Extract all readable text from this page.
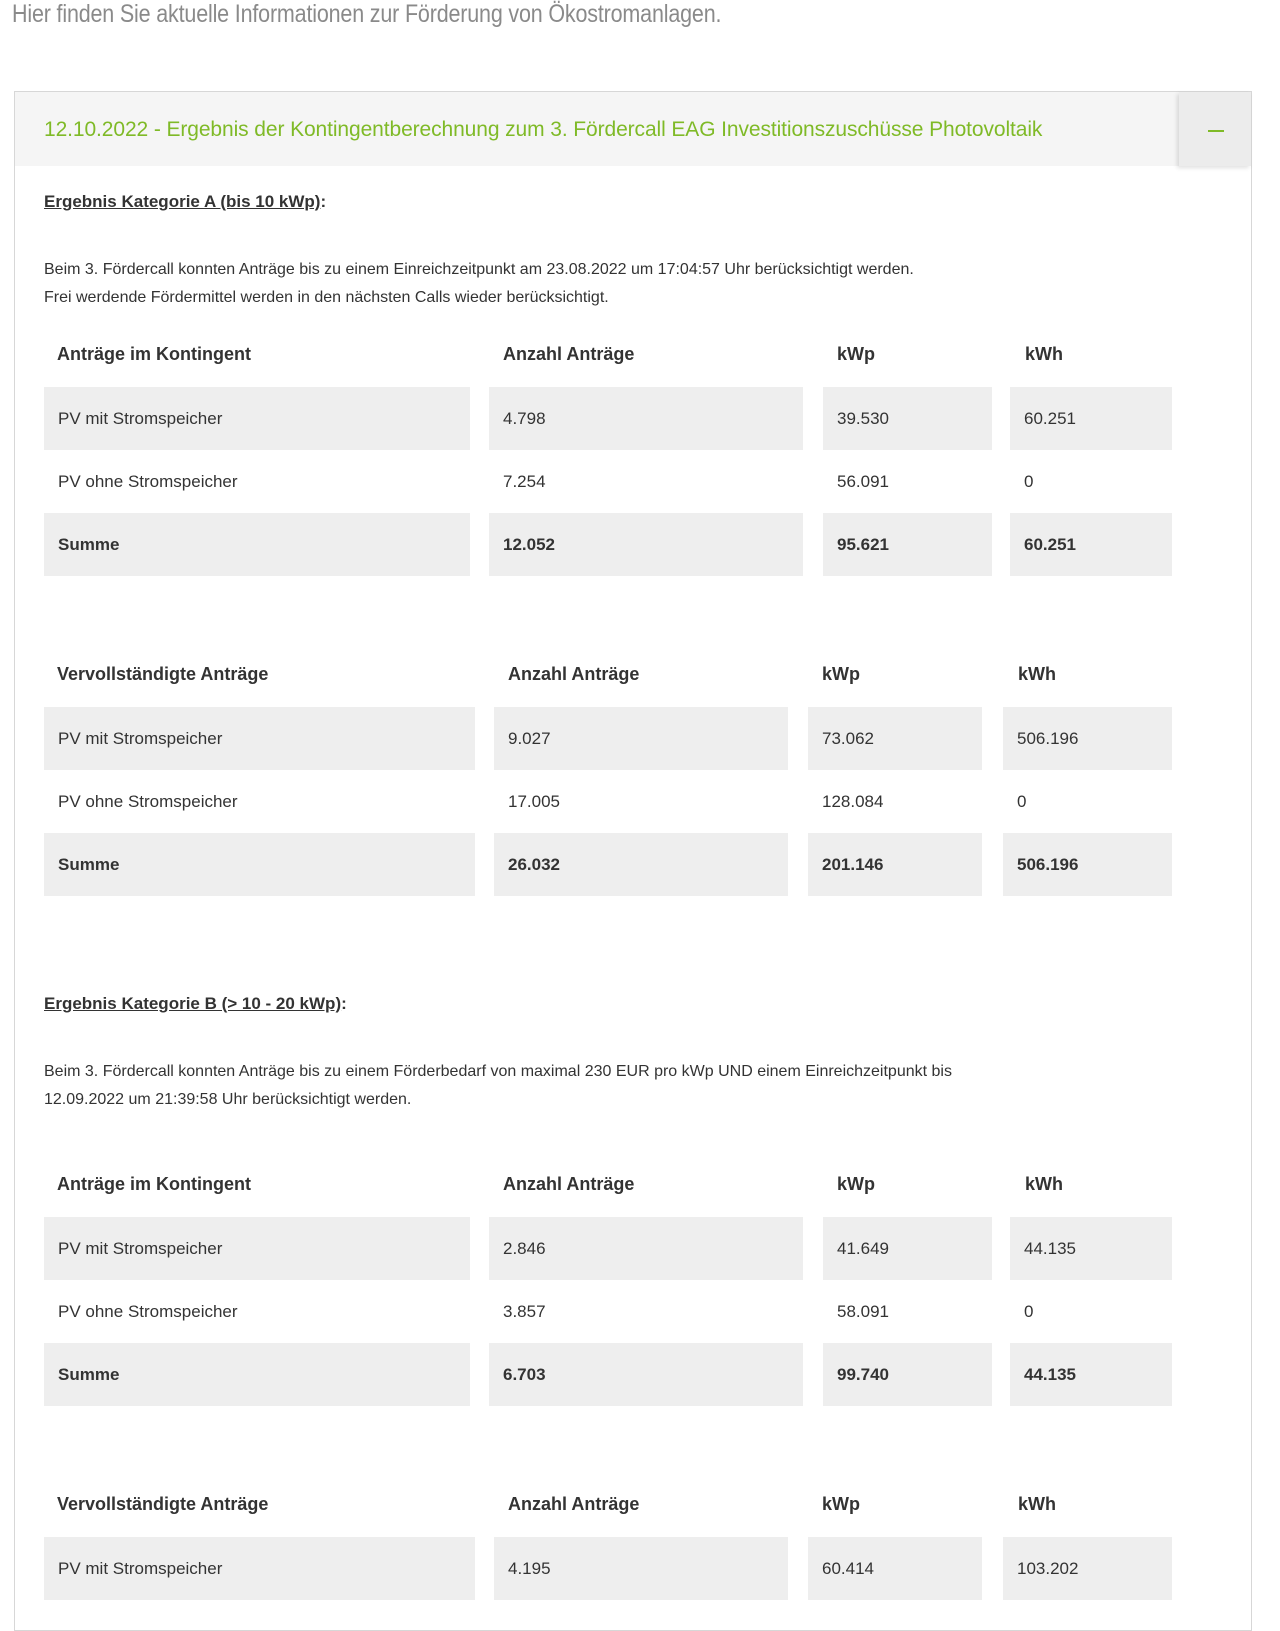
Hier finden Sie aktuelle Informationen zur Förderung von Ökostromanlagen.
12.10.2022 - Ergebnis der Kontingentberechnung zum 3. Fördercall EAG Investitionszuschüsse Photovoltaik
Ergebnis Kategorie A (bis 10 kWp):
Beim 3. Fördercall konnten Anträge bis zu einem Einreichzeitpunkt am 23.08.2022 um 17:04:57 Uhr berücksichtigt werden.
Frei werdende Fördermittel werden in den nächsten Calls wieder berücksichtigt.
Anträge im Kontingent	Anzahl Anträge	kWp	kWh
PV mit Stromspeicher	4.798	39.530	60.251
PV ohne Stromspeicher	7.254	56.091	0
Summe	12.052	95.621	60.251
Vervollständigte Anträge	Anzahl Anträge	kWp	kWh
PV mit Stromspeicher	9.027	73.062	506.196
PV ohne Stromspeicher	17.005	128.084	0
Summe	26.032	201.146	506.196
Anträge im Kontingent	Anzahl Anträge	kWp	kWh
PV mit Stromspeicher	2.846	41.649	44.135
PV ohne Stromspeicher	3.857	58.091	0
Summe	6.703	99.740	44.135
Vervollständigte Anträge	Anzahl Anträge	kWp	kWh
PV mit Stromspeicher	4.195	60.414	103.202
Ergebnis Kategorie B (> 10 - 20 kWp):
Beim 3. Fördercall konnten Anträge bis zu einem Förderbedarf von maximal 230 EUR pro kWp UND einem Einreichzeitpunkt bis
12.09.2022 um 21:39:58 Uhr berücksichtigt werden.
